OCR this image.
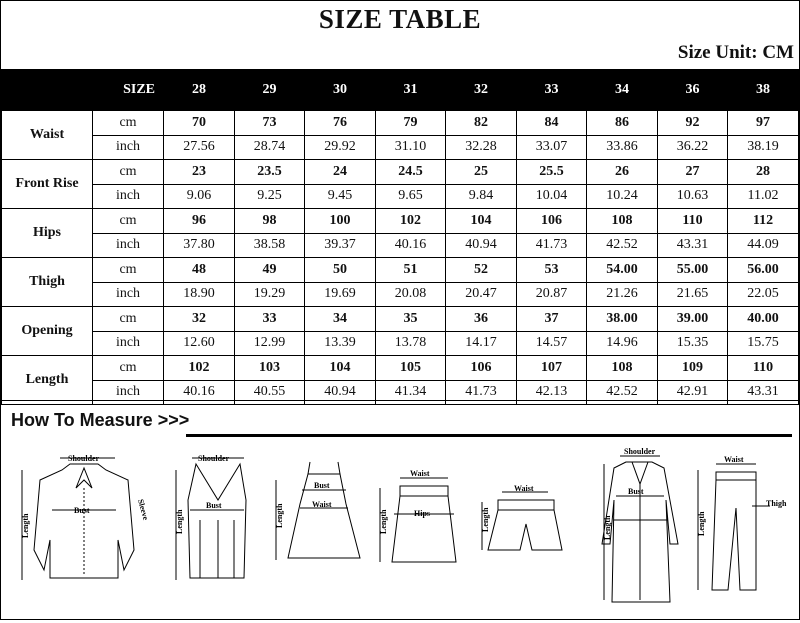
SIZE TABLE
Size Unit: CM
SIZE		28	29	30	31	32	33	34	36	38
Waist	cm	70	73	76	79	82	84	86	92	97
	inch	27.56	28.74	29.92	31.10	32.28	33.07	33.86	36.22	38.19
Front Rise	cm	23	23.5	24	24.5	25	25.5	26	27	28
	inch	9.06	9.25	9.45	9.65	9.84	10.04	10.24	10.63	11.02
Hips	cm	96	98	100	102	104	106	108	110	112
	inch	37.80	38.58	39.37	40.16	40.94	41.73	42.52	43.31	44.09
Thigh	cm	48	49	50	51	52	53	54.00	55.00	56.00
	inch	18.90	19.29	19.69	20.08	20.47	20.87	21.26	21.65	22.05
Opening	cm	32	33	34	35	36	37	38.00	39.00	40.00
	inch	12.60	12.99	13.39	13.78	14.17	14.57	14.96	15.35	15.75
Length	cm	102	103	104	105	106	107	108	109	110
	inch	40.16	40.55	40.94	41.34	41.73	42.13	42.52	42.91	43.31
How To Measure >>>
Shoulder
Length
Bust	Sleeve
Shoulder
Length
Bust	Length
Bust
Waist
Waist
Length	Hips
Waist
Length
Shoulder
Length
Bust
Waist
Length
Thigh
